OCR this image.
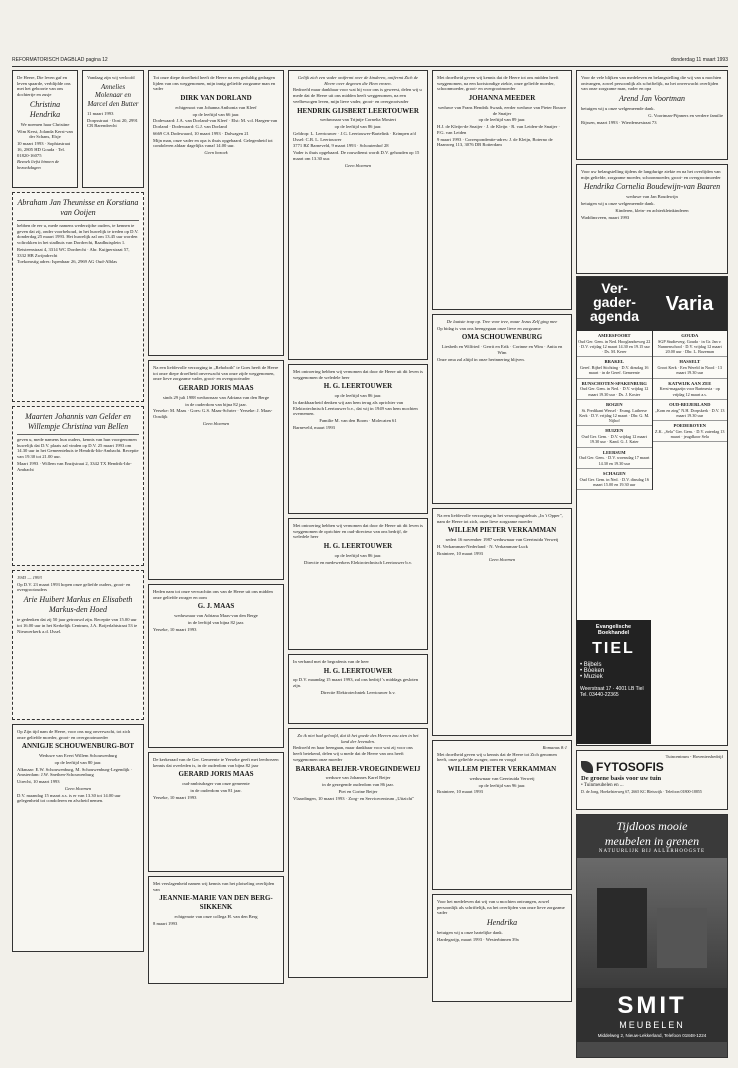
REFORMATORISCH DAGBLAD pagina 12	donderdag 11 maart 1993

De Heere, Die leven gaf en leven spaarde, verblijdde ons met het geboorte van ons dochtertje en zusje

Christina Hendrika

We noemen haar Christine

Wim Kerst, Jolanda Kerst-van der Schans, Elsje

10 maart 1993 · Sophiastraat 16, 2805 HD Gouda · Tel. 01820-16075

Bezoek liefst binnen de bezoekdagen

Vandaag zijn wij verloofd

Annelies Molenaar en Marcel den Butter

11 maart 1993

Dorpsstraat · Oost 20, 2991 CR Barendrecht

Abraham Jan Theunisse en Korstiana van Ooijen

hebben de eer u, mede namens wederzijdse ouders, te kennen te geven dat zij, onder voorbehoud, in het huwelijk te treden op D.V. donderdag 25 maart 1993. Het huwelijk zal om 13.45 uur worden voltrokken in het stadhuis van Dordrecht, Raadhuisplein 1.

Retsteenstraat 4, 3314 WC Dordrecht · Abr. Kuijperstraat 57, 3332 HB Zwijndrecht

Toekomstig adres: Ispenhaar 26, 2969 AG Oud-Alblas

Maarten Johannis van Gelder en Willempje Christina van Bellen

geven u, mede namens hun ouders, kennis van hun voorgenomen huwelijk dat D.V. plaats zal vinden op D.V. 25 maart 1993 om 14.30 uur in het Gemeentehuis te Hendrik-Ido-Ambacht. Receptie van 19.30 tot 21.00 uur.

Maart 1993 · Willem van Enzijstraat 2, 3342 TX Hendrik-Ido-Ambacht

1943 — 1993

Op D.V. 23 maart 1993 hopen onze geliefde ouders, groot- en overgrootouders

Arie Huibert Markus en Elisabeth Markus-den Hoed

te gedenken dat zij 50 jaar getrouwd zijn. Receptie van 15.00 uur tot 16.00 uur in het Kerkelijk Centrum, J.A. Boijerlahtstraat 53 te Nieuwerkerk a.d. IJssel.

Op Zijn tijd nam de Heere, voor ons nog onverwacht, tot zich onze geliefde moeder, groot- en overgrootmoeder

ANNIGJE SCHOUWENBURG-BOT

Weduwe van Evert Willem Schouwenburg

op de leeftijd van 80 jaar.

Alkmaar: E.W. Schouwenburg, M. Schouwenburg-Legendijk · Amsterdam: J.W. Snethen-Schouwenburg

Utrecht, 10 maart 1993

Geen bloemen

D.V. maandag 15 maart a.s. is er van 13.30 tot 14.00 uur gelegenheid tot condoleren en afscheid nemen.

Tot onze diepe droefheid heeft de Heere na een geduldig gedragen lijden van ons weggenomen, mijn innig geliefde zorgzame man en vader

DIRK VAN DORLAND

echtgenoot van Johanna Anthonia van Kleef

op de leeftijd van 66 jaar.

Dodewaard: J.A. van Dorland-van Kleef · Elst: M. v.d. Haegen-van Dorland · Dodewaard: G.J. van Dorland

6669 CA Dodewaard, 10 maart 1993 · Dalwagen 21

Mijn man, onze vader en opa is thuis opgebaard. Gelegenheid tot condoleren aldaar dagelijks vanaf 14.00 uur.

Geen bezoek

Na een liefdevolle verzorging in „Rehoboth" te Goes heeft de Heere tot onze diepe droefheid onverwacht van onze zijde weggenomen, onze lieve zorgzame vader, groot- en overgrootvader

GERARD JORIS MAAS

sinds 29 juli 1988 weduwnaar van Adriana van den Berge

in de ouderdom van bijna 82 jaar.

Yerseke: M. Maas · Goes: G.S. Maas-Schrier · Yerseke: J. Maas-Oosdijk

Geen bloemen

Heden nam tot onze verwachtin ons van de Heere uit ons midden onze geliefde zwager en oom

G. J. MAAS

weduwnaar van Adriana Maas-van den Berge

in de leeftijd van bijna 82 jaar.

Yerseke, 10 maart 1993

De kerkeraad van de Ger. Gemeente te Yerseke geeft met leedwezen kennis dat overleden is, in de ouderdom van bijna 82 jaar

GERARD JORIS MAAS

oud-ambtsdrager van onze gemeente

in de ouderdom van 81 jaar.

Yerseke, 10 maart 1993

Met verslagenheid namen wij kennis van het plotseling overlijden van

JEANNIE-MARIE VAN DEN BERG-SIKKENK

echtgenote van onze collega H. van den Berg

8 maart 1993

Gelijk zich een vader ontfermt over de kinderen, ontfermt Zich de Heere over degenen die Hem vrezen.

Bedroefd maar dankbaar voor wat hij voor ons is geweest, delen wij u mede dat de Heere uit ons midden heeft weggenomen, na een veelbewogen leven, mijn lieve vader, groot- en overgrootvader

HENDRIK GIJSBERT LEERTOUWER

weduwnaar van Trijntje Cornelia Mostert

op de leeftijd van 86 jaar.

Geldrop: L. Leertouwer · J.G. Leertouwer-Bartelink · Krimpen a/d IJssel: C.B. L. Leertouwer

3771 BZ Barneveld, 9 maart 1993 · Schoutenhof 28

Vader is thuis opgebaard. De rouwdienst wordt D.V. gehouden op 15 maart om 13.30 uur.

Geen bloemen

Met ontroering hebben wij vernomen dat door de Heere uit dit leven is weggenomen de weledele heer

H. G. LEERTOUWER

op de leeftijd van 86 jaar.

In dankbaarheid denken wij aan hem terug als oprichter van Elektrotechnisch Leertouwer b.v., dat wij in 1949 van hem mochten overnemen.

Familie M. van den Boom · Molecaten 61

Barneveld, maart 1993

Met ontroering hebben wij vernomen dat door de Heere uit dit leven is weggenomen de oprichter en oud-directeur van ons bedrijf, de weledele heer

H. G. LEERTOUWER

op de leeftijd van 86 jaar.

Directie en medewerkers Elektrotechnisch Leertouwer b.v.

In verband met de begrafenis van de heer

H. G. LEERTOUWER

op D.V. maandag 15 maart 1993, zal ons bedrijf 's middags gesloten zijn.

Directie Elektrotechniek Leertouwer b.v.

Zo ik niet had geloofd, dat ik het goede des Heeren zou zien in het land der levenden.

Bedroefd en haar heengaan, maar dankbaar voor wat zij voor ons heeft betekend, delen wij u mede dat de Heere van ons heeft weggenomen onze moeder

BARBARA BEIJER-VROEGINDEWEIJ

weduwe van Johannes Karel Beijer

in de gezegende ouderdom van 86 jaar.

Piet en Corine Beijer

Vlaardingen, 10 maart 1993 · Zorg- en Servicecentrum „Uitzicht"

Met droefheid geven wij kennis dat de Heere tot ons midden heeft weggenomen, na een kortstondige ziekte, onze geliefde moeder, schoonmoeder, groot- en overgrootmoeder

JOHANNA MEEDER

weduwe van Frans Hendrik Swaak, eerder weduwe van Pieter Bouwe de Snaijer

op de leeftijd van 89 jaar.

H.J. de Kleijn-de Snaijer · J. de Kleijn · R. van Leiden-de Snaijer · P.G. van Leiden

9 maart 1993 · Correspondentie-adres: J. de Kleijn, Boterno de Haanweg 113, 3076 DB Rotterdam

De laatste trap op. Tree voor tree, maar Jezus Zelf ging mee

Op bidag is van ons heengegaan onze lieve en zorgzame

OMA SCHOUWENBURG

Liesbeth en Wilfried · Gerrit en Erik · Corinne en Wim · Anita en Wim

Onze oma zal altijd in onze herinnering blijven.

Na een liefdevolle verzorging in het verzorgingstehuis „In 't Opper", nam de Heere tot zich, onze lieve zorgzame moeder

WILLEM PIETER VERKAMMAN

sedert 16 november 1987 weduwnaar van Geertruida Verweij

H. Verkamman-Nederland · N. Verkamman-Luck

Braintree, 10 maart 1993

Geen bloemen

Romanus 8:1

Met droefheid geven wij u kennis dat de Heere tot Zich genomen heeft, onze geliefde zwager, oom en voogd

WILLEM PIETER VERKAMMAN

weduwnaar van Geertruida Verweij

op de leeftijd van 96 jaar.

Braintree, 10 maart 1993

Voor het medeleven dat wij van u mochten ontvangen, zowel persoonlijk als schriftelijk, na het overlijden van onze lieve zorgzame vader

Hendrika

betuigen wij u onze hartelijke dank.

Hardegarijp, maart 1993 · Westerbinnen 39a

Voor de vele blijken van medeleven en belangstelling die wij van u mochten ontvangen, zowel persoonlijk als schriftelijk, na het onverwacht overlijden van onze zorgzame man, vader en opa

Arend Jan Voortman

betuigen wij u onze welgemeende dank.

G. Voortman-Pijnners en verdere familie

Rijssen, maart 1993 · Wierdensestraat 73

Voor uw belangstelling tijdens de langdurige ziekte en na het overlijden van mijn geliefde, zorgzame moeder, schoonmoeder, groot- en overgrootmoeder

Hendrika Cornelia Boudewijn-van Baaren

weduwe van Jan Boudewijn

betuigen wij u onze welgemeende dank.

Kinderen, klein- en achterkleinkinderen

Waddinxveen, maart 1993

Ver-
gader-
agenda
Varia
AMERSFOORT
Oud Ger. Gem. in Ned. Hooglandseweg 22 · D.V. vrijdag 12 maart 14.30 en 19.15 uur · Ds. M. Kerer
BRAKEL
Geref. Bijbel Stichting · D.V. dinsdag 16 maart · in de Geref. Gemeente
BUNSCHOTEN-SPAKENBURG
Oud Ger. Gem. in Ned. · D.V. vrijdag 12 maart 19.30 uur · Ds. J. Koster
BOGEN
St. Predikant Wessel · Evang. Lutherse Kerk · D.V. vrijdag 12 maart · Dhr. G. M. Nijhof
HUIZEN
Oud Ger. Gem. · D.V. vrijdag 12 maart 19.30 uur · Kand. G. J. Kater
LEERSUM
Oud Ger. Gem. · D.V. woensdag 17 maart 14.30 en 19.30 uur
SCHAGEN
Oud Ger. Gem. in Ned. · D.V. dinsdag 16 maart 15.00 en 19.30 uur
GOUDA
SGP Studieverg. Gouda · in Gr. Jan v. Nunnenschool · D.V. vrijdag 12 maart 20.00 uur · Dhr. L. Bozeman
HASSELT
Groot Kerk · Een Wereld in Nood · 13 maart 19.30 uur
KATWIJK AAN ZEE
Kerst-magazijn voor Barimesia · op vrijdag 12 maart a.s.
OUD-BEIJERLAND
„Kom en zing" N.H. Dorpskerk · D.V. 13 maart 19.30 uur
POEDEROYEN
Z.K. „Sela" Ger. Gem. · D.V. zaterdag 13 maart · jeugdkoor Sela
Evangelische Boekhandel
TIEL
• Bijbels
• Boeken
• Muziek
Weerstraat 17 · 4001 LB Tiel
Tel. 03440-22365
Tuincentrum - Hoveniersbedrijf
FYTOSOFIS
De groene basis voor uw tuin
• Tuinmeubelen en ...
D. de Jong, Hoekelsterweg 67, 2665 KC Bleiswijk · Telefoon 01800-18855
Tijdloos mooie
meubelen in grenen
NATUURLIJK BIJ ALLERHOOGSTE
SMIT
MEUBELEN
Middelweg 2, Nieuw-Lekkerland, Telefoon 01848-1224
